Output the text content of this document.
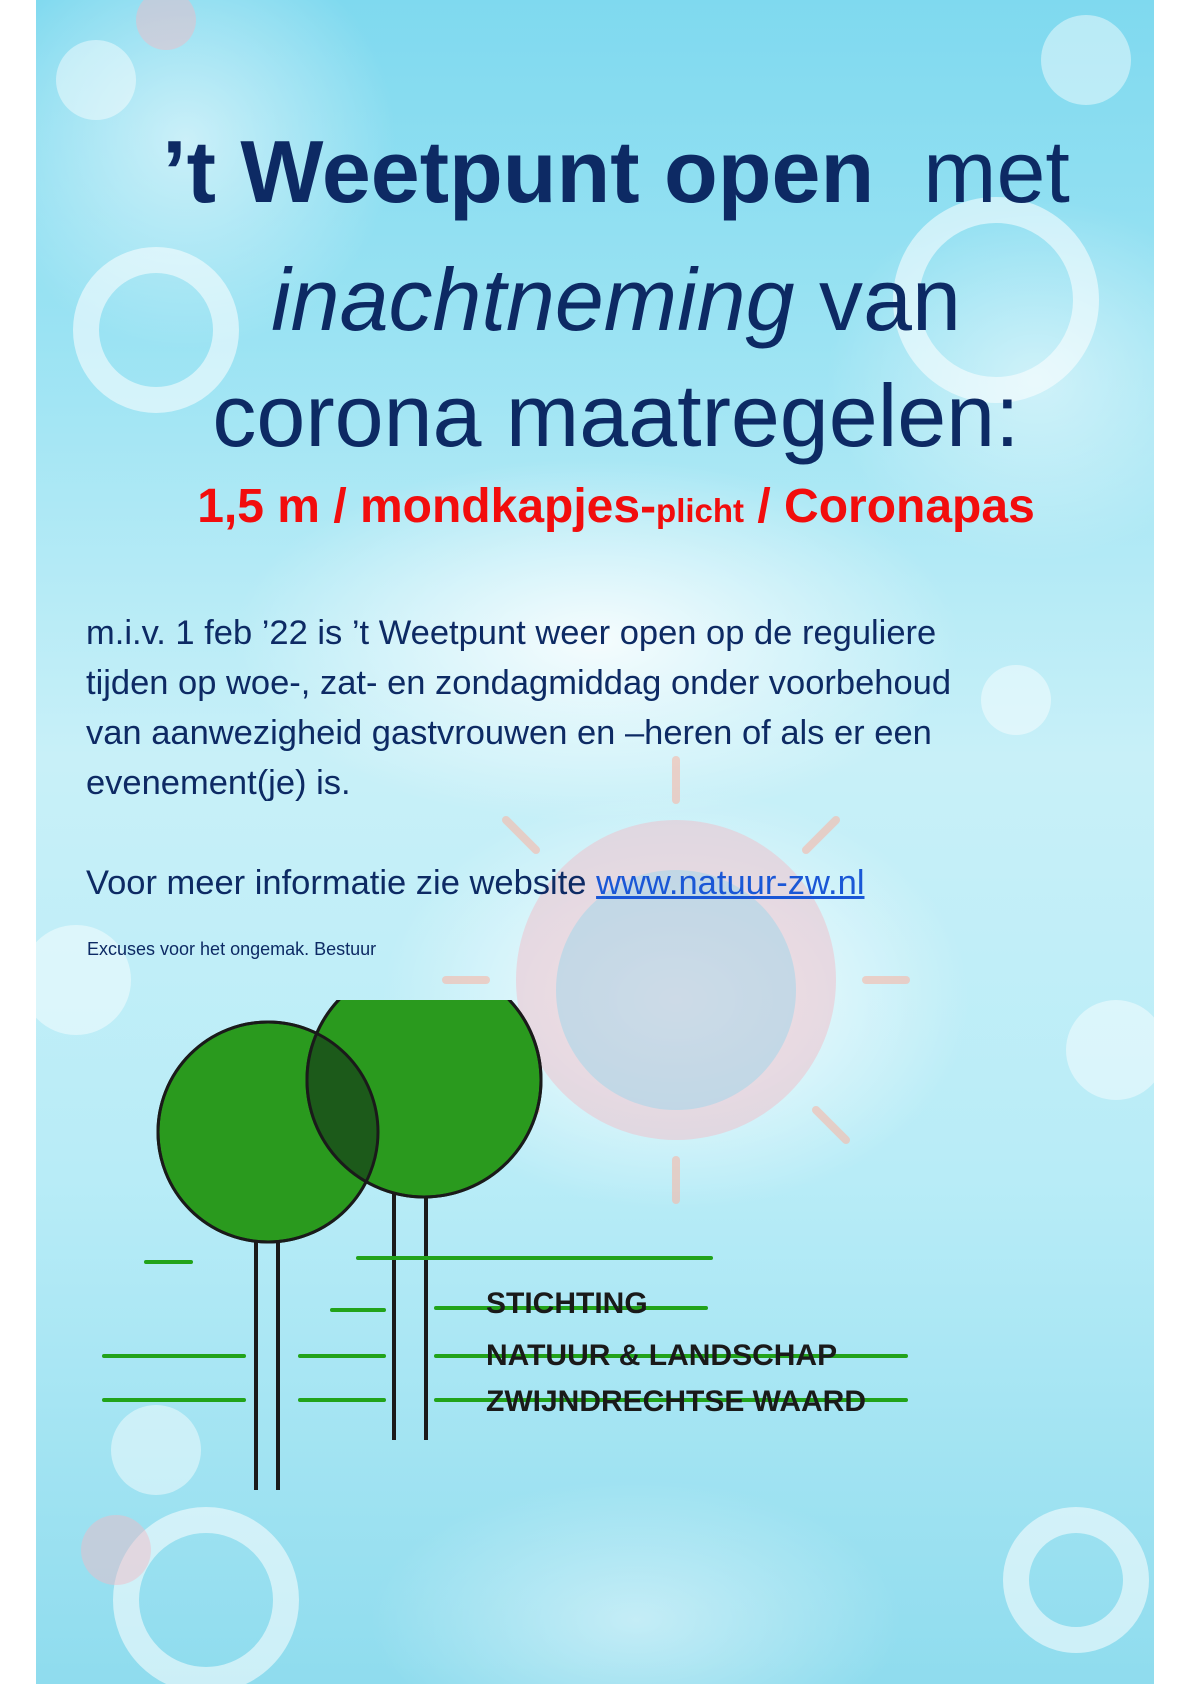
’t Weetpunt open met
inachtneming van
corona maatregelen:

1,5 m / mondkapjes-plicht / Coronapas

m.i.v. 1 feb ’22 is ’t Weetpunt weer open op de reguliere
tijden op woe-, zat- en zondagmiddag onder voorbehoud
van aanwezigheid gastvrouwen en –heren of als er een
evenement(je) is.
Voor meer informatie zie website www.natuur-zw.nl

Excuses voor het ongemak. Bestuur

STICHTING

NATUUR & LANDSCHAP

ZWIJNDRECHTSE WAARD
